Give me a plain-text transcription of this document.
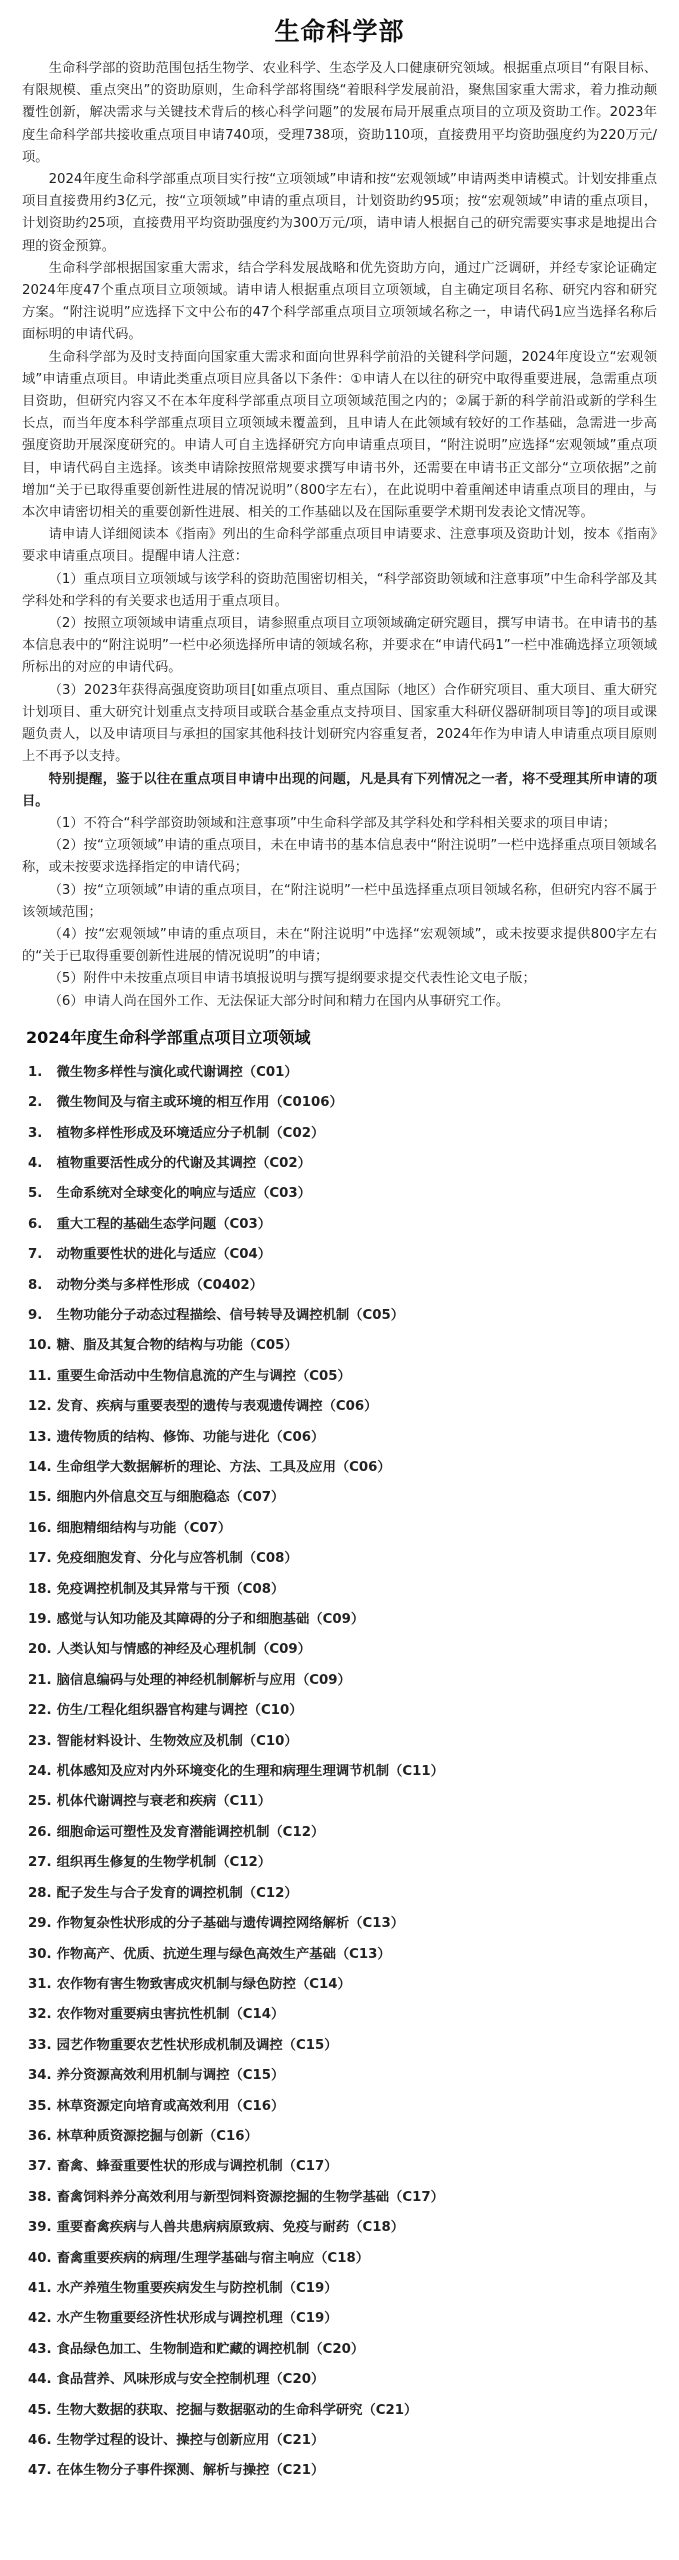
生命科学部

生命科学部的资助范围包括生物学、农业科学、生态学及人口健康研究领域。根据重点项目“有限目标、有限规模、重点突出”的资助原则，生命科学部将围绕“着眼科学发展前沿，聚焦国家重大需求，着力推动颠覆性创新，解决需求与关键技术背后的核心科学问题”的发展布局开展重点项目的立项及资助工作。2023年度生命科学部共接收重点项目申请740项，受理738项，资助110项，直接费用平均资助强度约为220万元/项。

2024年度生命科学部重点项目实行按“立项领域”申请和按“宏观领域”申请两类申请模式。计划安排重点项目直接费用约3亿元，按“立项领域”申请的重点项目，计划资助约95项；按“宏观领域”申请的重点项目，计划资助约25项，直接费用平均资助强度约为300万元/项，请申请人根据自己的研究需要实事求是地提出合理的资金预算。

生命科学部根据国家重大需求，结合学科发展战略和优先资助方向，通过广泛调研，并经专家论证确定2024年度47个重点项目立项领域。请申请人根据重点项目立项领域，自主确定项目名称、研究内容和研究方案。“附注说明”应选择下文中公布的47个科学部重点项目立项领域名称之一，申请代码1应当选择名称后面标明的申请代码。

生命科学部为及时支持面向国家重大需求和面向世界科学前沿的关键科学问题，2024年度设立“宏观领域”申请重点项目。申请此类重点项目应具备以下条件：①申请人在以往的研究中取得重要进展，急需重点项目资助，但研究内容又不在本年度科学部重点项目立项领域范围之内的；②属于新的科学前沿或新的学科生长点，而当年度本科学部重点项目立项领域未覆盖到，且申请人在此领域有较好的工作基础，急需进一步高强度资助开展深度研究的。申请人可自主选择研究方向申请重点项目，“附注说明”应选择“宏观领域”重点项目，申请代码自主选择。该类申请除按照常规要求撰写申请书外，还需要在申请书正文部分“立项依据”之前增加“关于已取得重要创新性进展的情况说明”（800字左右），在此说明中着重阐述申请重点项目的理由，与本次申请密切相关的重要创新性进展、相关的工作基础以及在国际重要学术期刊发表论文情况等。

请申请人详细阅读本《指南》列出的生命科学部重点项目申请要求、注意事项及资助计划，按本《指南》要求申请重点项目。提醒申请人注意：

（1）重点项目立项领域与该学科的资助范围密切相关，“科学部资助领域和注意事项”中生命科学部及其学科处和学科的有关要求也适用于重点项目。

（2）按照立项领域申请重点项目，请参照重点项目立项领域确定研究题目，撰写申请书。在申请书的基本信息表中的“附注说明”一栏中必须选择所申请的领域名称，并要求在“申请代码1”一栏中准确选择立项领域所标出的对应的申请代码。

（3）2023年获得高强度资助项目[如重点项目、重点国际（地区）合作研究项目、重大项目、重大研究计划项目、重大研究计划重点支持项目或联合基金重点支持项目、国家重大科研仪器研制项目等]的项目或课题负责人，以及申请项目与承担的国家其他科技计划研究内容重复者，2024年作为申请人申请重点项目原则上不再予以支持。

特别提醒，鉴于以往在重点项目申请中出现的问题，凡是具有下列情况之一者，将不受理其所申请的项目。

（1）不符合“科学部资助领域和注意事项”中生命科学部及其学科处和学科相关要求的项目申请；

（2）按“立项领域”申请的重点项目，未在申请书的基本信息表中“附注说明”一栏中选择重点项目领域名称，或未按要求选择指定的申请代码；

（3）按“立项领域”申请的重点项目，在“附注说明”一栏中虽选择重点项目领域名称，但研究内容不属于该领域范围；

（4）按“宏观领域”申请的重点项目，未在“附注说明”中选择“宏观领域”，或未按要求提供800字左右的“关于已取得重要创新性进展的情况说明”的申请；

（5）附件中未按重点项目申请书填报说明与撰写提纲要求提交代表性论文电子版；

（6）申请人尚在国外工作、无法保证大部分时间和精力在国内从事研究工作。

2024年度生命科学部重点项目立项领域
1. 微生物多样性与演化或代谢调控（C01）
2. 微生物间及与宿主或环境的相互作用（C0106）
3. 植物多样性形成及环境适应分子机制（C02）
4. 植物重要活性成分的代谢及其调控（C02）
5. 生命系统对全球变化的响应与适应（C03）
6. 重大工程的基础生态学问题（C03）
7. 动物重要性状的进化与适应（C04）
8. 动物分类与多样性形成（C0402）
9. 生物功能分子动态过程描绘、信号转导及调控机制（C05）
10. 糖、脂及其复合物的结构与功能（C05）
11. 重要生命活动中生物信息流的产生与调控（C05）
12. 发育、疾病与重要表型的遗传与表观遗传调控（C06）
13. 遗传物质的结构、修饰、功能与进化（C06）
14. 生命组学大数据解析的理论、方法、工具及应用（C06）
15. 细胞内外信息交互与细胞稳态（C07）
16. 细胞精细结构与功能（C07）
17. 免疫细胞发育、分化与应答机制（C08）
18. 免疫调控机制及其异常与干预（C08）
19. 感觉与认知功能及其障碍的分子和细胞基础（C09）
20. 人类认知与情感的神经及心理机制（C09）
21. 脑信息编码与处理的神经机制解析与应用（C09）
22. 仿生/工程化组织器官构建与调控（C10）
23. 智能材料设计、生物效应及机制（C10）
24. 机体感知及应对内外环境变化的生理和病理生理调节机制（C11）
25. 机体代谢调控与衰老和疾病（C11）
26. 细胞命运可塑性及发育潜能调控机制（C12）
27. 组织再生修复的生物学机制（C12）
28. 配子发生与合子发育的调控机制（C12）
29. 作物复杂性状形成的分子基础与遗传调控网络解析（C13）
30. 作物高产、优质、抗逆生理与绿色高效生产基础（C13）
31. 农作物有害生物致害成灾机制与绿色防控（C14）
32. 农作物对重要病虫害抗性机制（C14）
33. 园艺作物重要农艺性状形成机制及调控（C15）
34. 养分资源高效利用机制与调控（C15）
35. 林草资源定向培育或高效利用（C16）
36. 林草种质资源挖掘与创新（C16）
37. 畜禽、蜂蚕重要性状的形成与调控机制（C17）
38. 畜禽饲料养分高效利用与新型饲料资源挖掘的生物学基础（C17）
39. 重要畜禽疾病与人兽共患病病原致病、免疫与耐药（C18）
40. 畜禽重要疾病的病理/生理学基础与宿主响应（C18）
41. 水产养殖生物重要疾病发生与防控机制（C19）
42. 水产生物重要经济性状形成与调控机理（C19）
43. 食品绿色加工、生物制造和贮藏的调控机制（C20）
44. 食品营养、风味形成与安全控制机理（C20）
45. 生物大数据的获取、挖掘与数据驱动的生命科学研究（C21）
46. 生物学过程的设计、操控与创新应用（C21）
47. 在体生物分子事件探测、解析与操控（C21）
